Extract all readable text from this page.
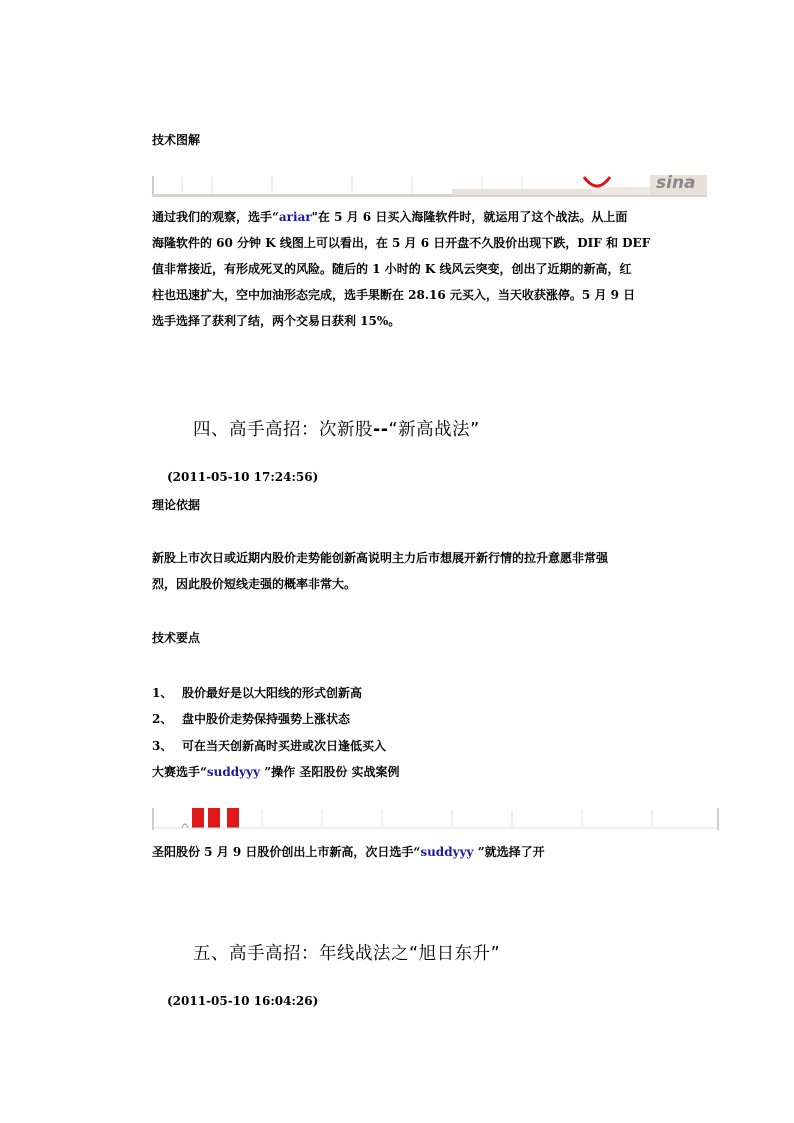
技术图解
sina
通过我们的观察，选手“ariar"在 5 月 6 日买入海隆软件时，就运用了这个战法。从上面
海隆软件的 60 分钟 K 线图上可以看出，在 5 月 6 日开盘不久股价出现下跌，DIF 和 DEF
值非常接近，有形成死叉的风险。随后的 1 小时的 K 线风云突变，创出了近期的新高，红
柱也迅速扩大，空中加油形态完成，选手果断在 28.16 元买入，当天收获涨停。5 月 9 日
选手选择了获利了结，两个交易日获利 15%。
四、高手高招：次新股--“新高战法”
(2011-05-10 17:24:56)
理论依据
新股上市次日或近期内股价走势能创新高说明主力后市想展开新行情的拉升意愿非常强
烈，因此股价短线走强的概率非常大。
技术要点
1、 股价最好是以大阳线的形式创新高
2、 盘中股价走势保持强势上涨状态
3、 可在当天创新高时买进或次日逢低买入
大赛选手“suddyyy ”操作 圣阳股份 实战案例
圣阳股份 5 月 9 日股价创出上市新高，次日选手“suddyyy ”就选择了开
五、高手高招：年线战法之“旭日东升”
(2011-05-10 16:04:26)
